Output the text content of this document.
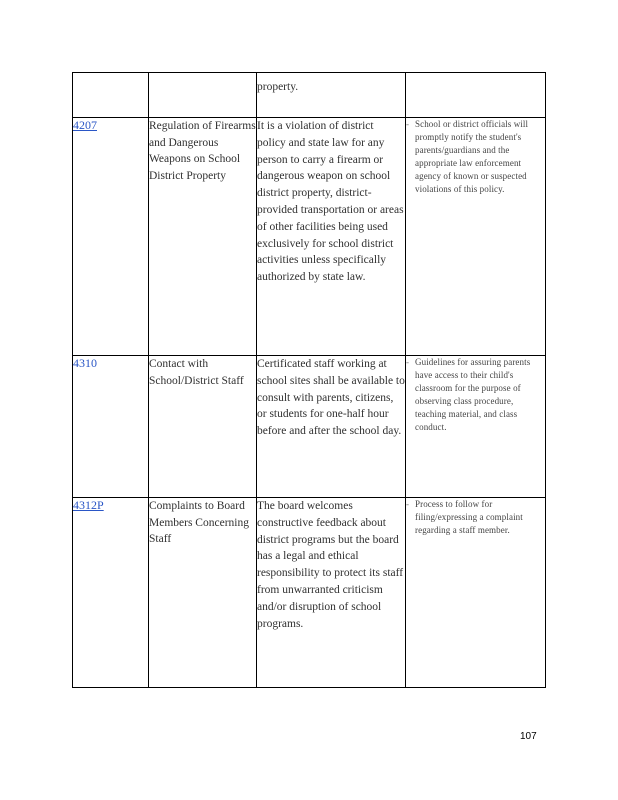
		property.	
4207	Regulation of Firearms and Dangerous Weapons on School District Property	It is a violation of district policy and state law for any person to carry a firearm or dangerous weapon on school district property, district-provided transportation or areas of other facilities being used exclusively for school district activities unless specifically authorized by state law.	- School or district officials will promptly notify the student's parents/guardians and the appropriate law enforcement agency of known or suspected violations of this policy.

4310	Contact with School/District Staff	Certificated staff working at school sites shall be available to consult with parents, citizens, or students for one-half hour before and after the school day.	- Guidelines for assuring parents have access to their child's classroom for the purpose of observing class procedure, teaching material, and class conduct.

4312P	Complaints to Board Members Concerning Staff	The board welcomes constructive feedback about district programs but the board has a legal and ethical responsibility to protect its staff from unwarranted criticism and/or disruption of school programs.	- Process to follow for filing/expressing a complaint regarding a staff member.
107
